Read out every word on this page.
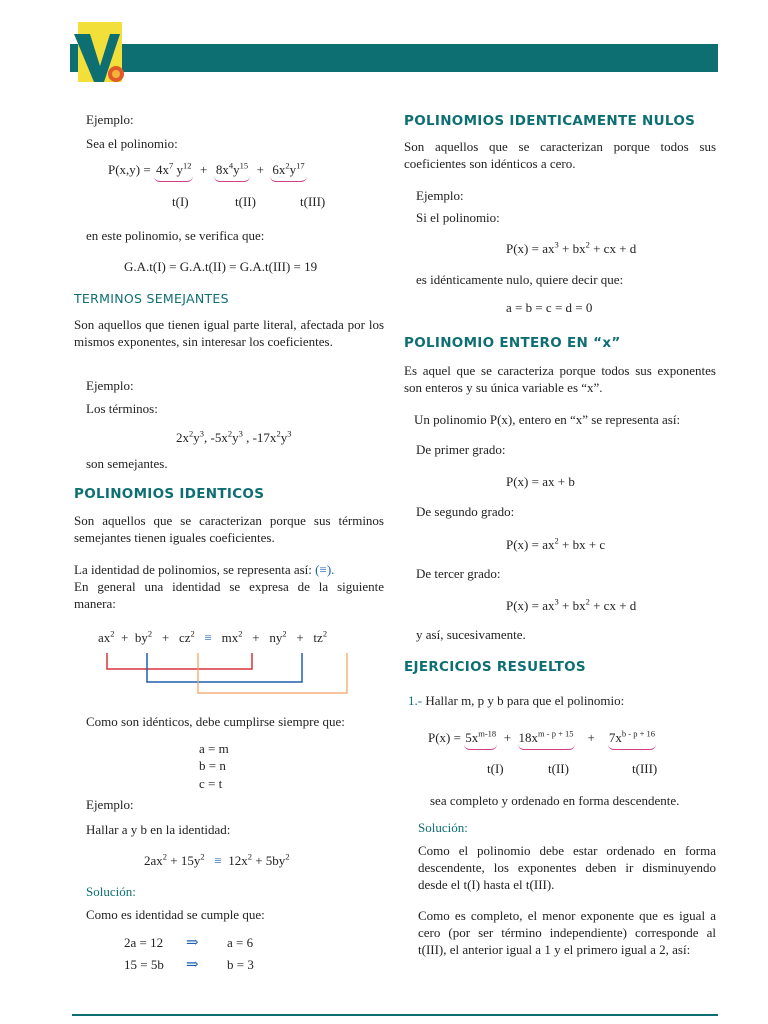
Ejemplo:
Sea el polinomio:
$P(x,y) = 4x^7$ $y^{12} + 8x^4y^{15} + 6x^2y^{17}$
t(I)	t(II)	t(III)
en este polinomio, se verifica que:
G.A.t(I) = G.A.t(II) = G.A.t(III) = 19
TERMINOS SEMEJANTES
Son aquellos que tienen igual parte literal, afectada por los mismos exponentes, sin interesar los coeficientes.
Ejemplo:
Los términos:
$2x^2y^3$, $-5x^2y^3$ , $-17x^2y^3$
son semejantes.
POLINOMIOS IDENTICOS
Son aquellos que se caracterizan porque sus términos semejantes tienen iguales coeficientes.
La identidad de polinomios, se representa así: (≡).
En general una identidad se expresa de la siguiente manera:
$ax^2 + by^2 + cz^2 \equiv mx^2 + ny^2 + tz^2$
Como son idénticos, debe cumplirse siempre que:
a = m
b = n
c = t
Ejemplo:
Hallar a y b en la identidad:
$2ax^2 + 15y^2 \equiv 12x^2 + 5by^2$
Solución:
Como es identidad se cumple que:
2a = 12 ⇒ a = 6
15 = 5b ⇒ b = 3
POLINOMIOS IDENTICAMENTE NULOS
Son aquellos que se caracterizan porque todos sus coeficientes son idénticos a cero.
Ejemplo:
Si el polinomio:
$P(x) = ax^3 + bx^2$ + cx + d
es idénticamente nulo, quiere decir que:
a = b = c = d = 0
POLINOMIO ENTERO EN “x”
Es aquel que se caracteriza porque todos sus exponentes son enteros y su única variable es “x”.
Un polinomio P(x), entero en “x” se representa así:
De primer grado:
P(x) = ax + b
De segundo grado:
$P(x) = ax^2$ + bx + c
De tercer grado:
$P(x) = ax^3 + bx^2$ + cx + d
y así, sucesivamente.
EJERCICIOS RESUELTOS
1.- Hallar m, p y b para que el polinomio:
$P(x) = 5x^{m-18} + 18x^{m - p + 15} + 7x^{b - p + 16}$
t(I)	t(II)	t(III)
sea completo y ordenado en forma descendente.
Solución:
Como el polinomio debe estar ordenado en forma descendente, los exponentes deben ir disminuyendo desde el t(I) hasta el t(III).
Como es completo, el menor exponente que es igual a cero (por ser término independiente) corresponde al t(III), el anterior igual a 1 y el primero igual a 2, así:
